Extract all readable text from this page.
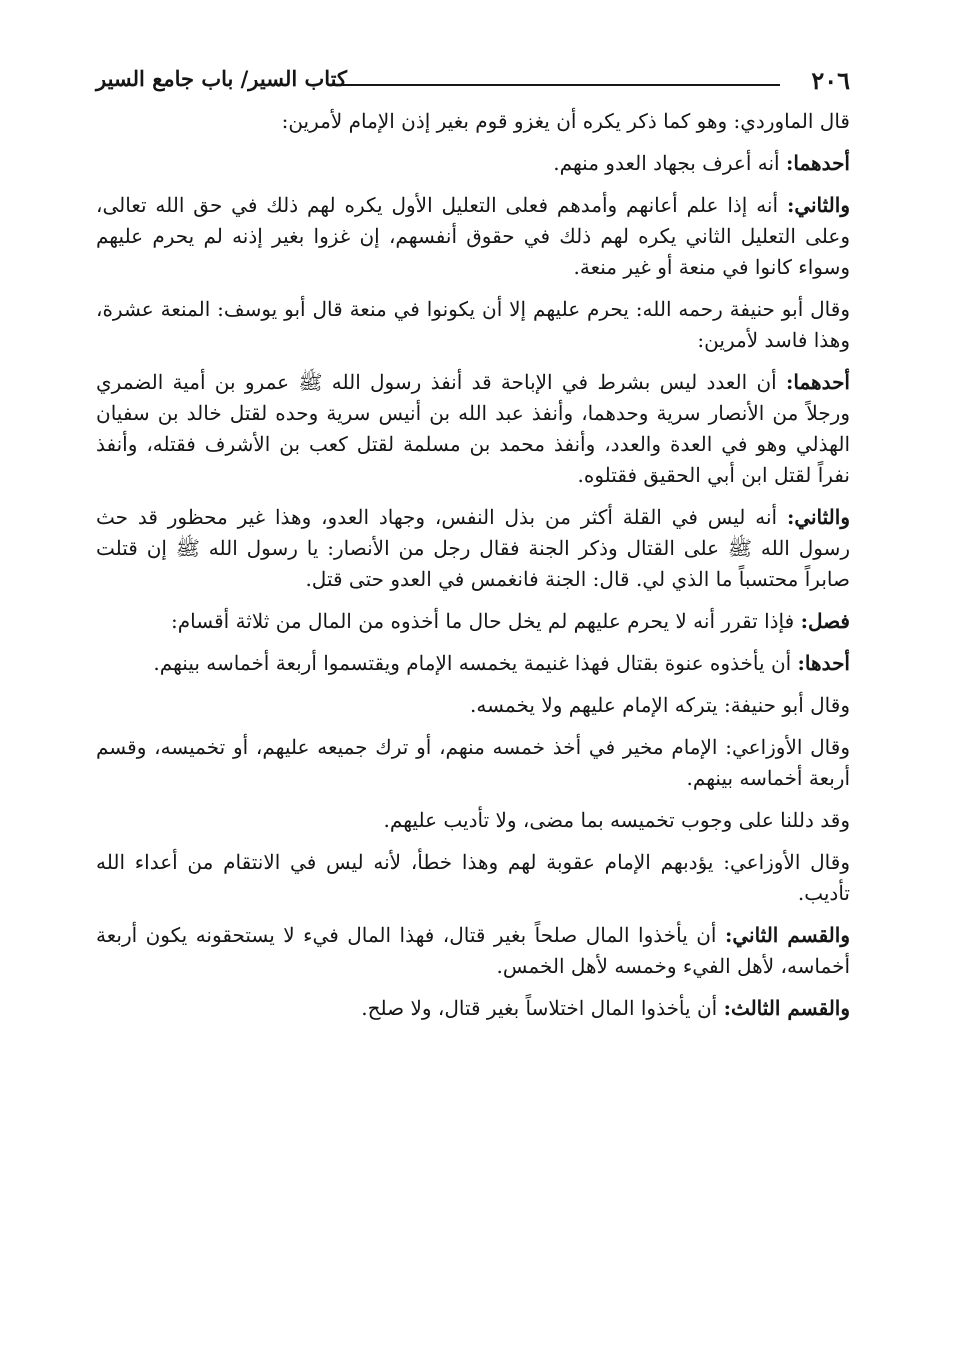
٢٠٦
كتاب السير/ باب جامع السير

قال الماوردي: وهو كما ذكر يكره أن يغزو قوم بغير إذن الإمام لأمرين:

أحدهما: أنه أعرف بجهاد العدو منهم.

والثاني: أنه إذا علم أعانهم وأمدهم فعلى التعليل الأول يكره لهم ذلك في حق الله تعالى، وعلى التعليل الثاني يكره لهم ذلك في حقوق أنفسهم، إن غزوا بغير إذنه لم يحرم عليهم وسواء كانوا في منعة أو غير منعة.

وقال أبو حنيفة رحمه الله: يحرم عليهم إلا أن يكونوا في منعة قال أبو يوسف: المنعة عشرة، وهذا فاسد لأمرين:

أحدهما: أن العدد ليس بشرط في الإباحة قد أنفذ رسول الله ﷺ عمرو بن أمية الضمري ورجلاً من الأنصار سرية وحدهما، وأنفذ عبد الله بن أنيس سرية وحده لقتل خالد بن سفيان الهذلي وهو في العدة والعدد، وأنفذ محمد بن مسلمة لقتل كعب بن الأشرف فقتله، وأنفذ نفراً لقتل ابن أبي الحقيق فقتلوه.

والثاني: أنه ليس في القلة أكثر من بذل النفس، وجهاد العدو، وهذا غير محظور قد حث رسول الله ﷺ على القتال وذكر الجنة فقال رجل من الأنصار: يا رسول الله ﷺ إن قتلت صابراً محتسباً ما الذي لي. قال: الجنة فانغمس في العدو حتى قتل.

فصل: فإذا تقرر أنه لا يحرم عليهم لم يخل حال ما أخذوه من المال من ثلاثة أقسام:

أحدها: أن يأخذوه عنوة بقتال فهذا غنيمة يخمسه الإمام ويقتسموا أربعة أخماسه بينهم.

وقال أبو حنيفة: يتركه الإمام عليهم ولا يخمسه.

وقال الأوزاعي: الإمام مخير في أخذ خمسه منهم، أو ترك جميعه عليهم، أو تخميسه، وقسم أربعة أخماسه بينهم.

وقد دللنا على وجوب تخميسه بما مضى، ولا تأديب عليهم.

وقال الأوزاعي: يؤدبهم الإمام عقوبة لهم وهذا خطأ، لأنه ليس في الانتقام من أعداء الله تأديب.

والقسم الثاني: أن يأخذوا المال صلحاً بغير قتال، فهذا المال فيء لا يستحقونه يكون أربعة أخماسه، لأهل الفيء وخمسه لأهل الخمس.

والقسم الثالث: أن يأخذوا المال اختلاساً بغير قتال، ولا صلح.
